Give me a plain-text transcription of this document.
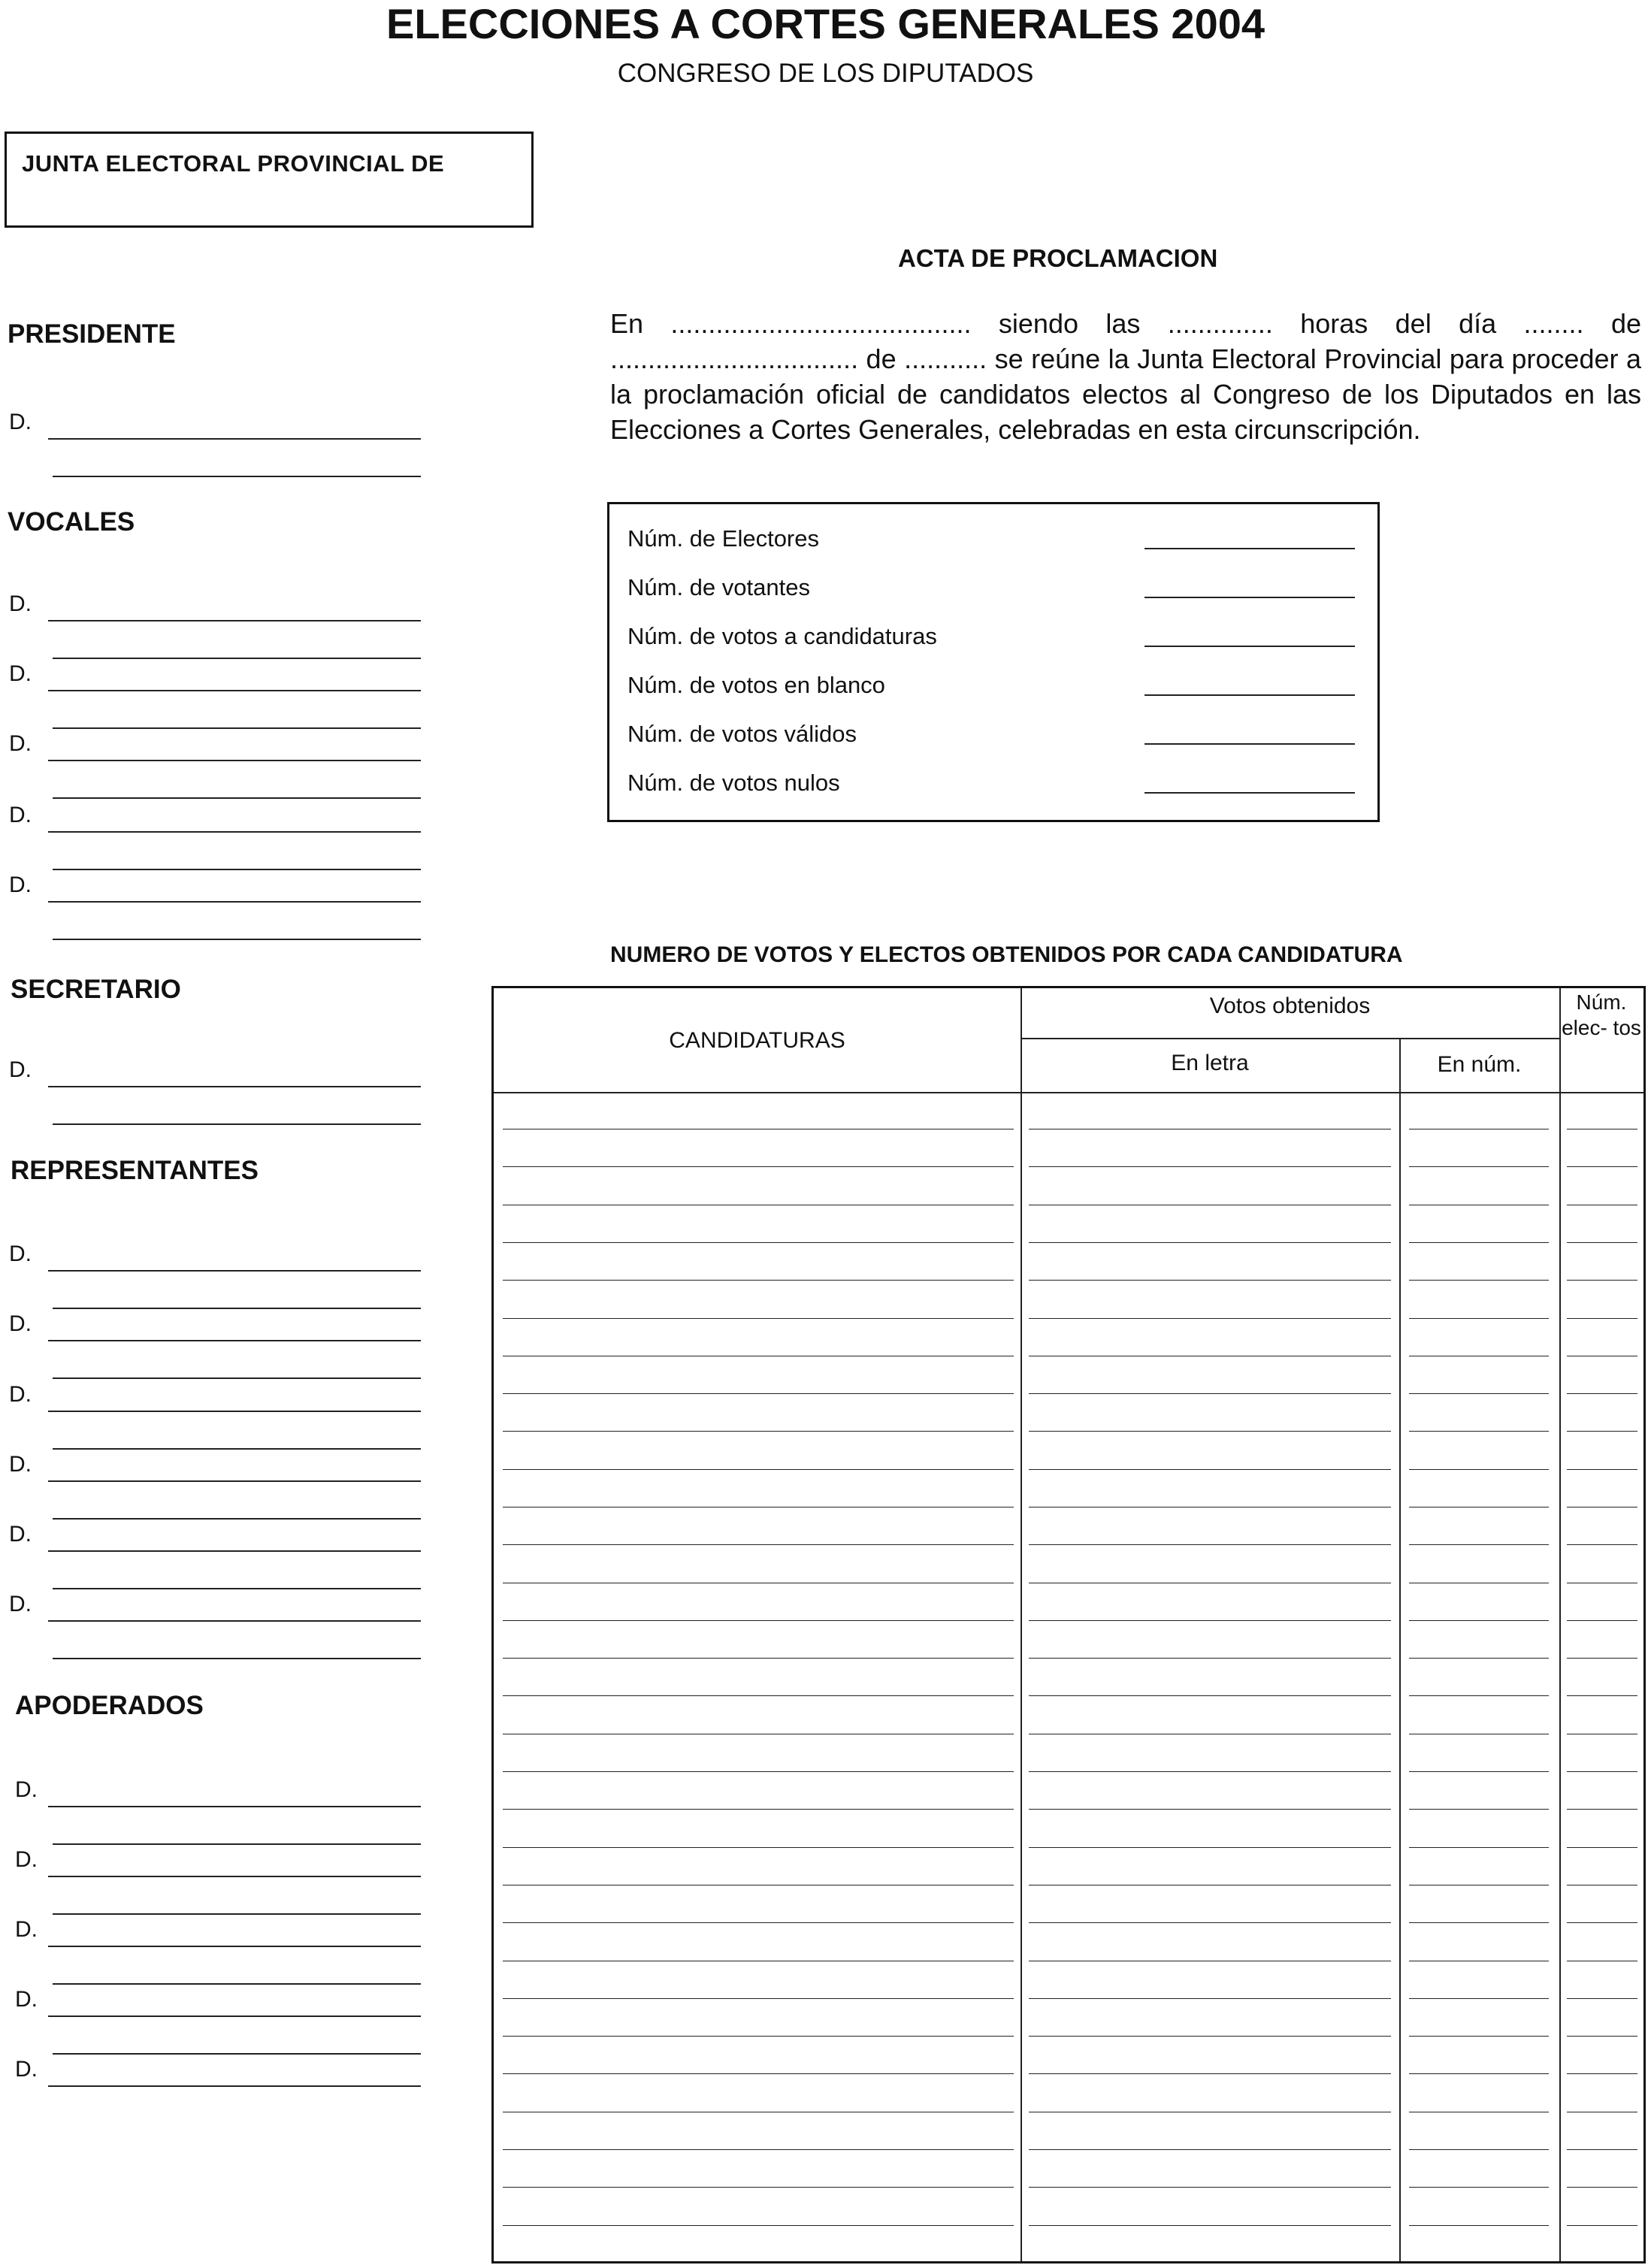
ELECCIONES A CORTES GENERALES 2004
CONGRESO DE LOS DIPUTADOS
JUNTA ELECTORAL PROVINCIAL DE
ACTA DE PROCLAMACION
En ........................................ siendo las .............. horas del día ........ de ................................. de ........... se reúne la Junta Electoral Provincial para proceder a la proclamación oficial de candidatos electos al Congreso de los Diputados en las Elecciones a Cortes Generales, celebradas en esta circunscripción.
PRESIDENTE
VOCALES
SECRETARIO
REPRESENTANTES
APODERADOS
D.
D.
D.
D.
D.
D.
D.
D.
D.
D.
D.
D.
D.
D.
D.
D.
D.
D.
Núm. de Electores
Núm. de votantes
Núm. de votos a candidaturas
Núm. de votos en blanco
Núm. de votos válidos
Núm. de votos nulos
NUMERO DE VOTOS Y ELECTOS OBTENIDOS POR CADA CANDIDATURA
CANDIDATURAS
Votos obtenidos
En letra	En núm.
Núm. elec- tos
